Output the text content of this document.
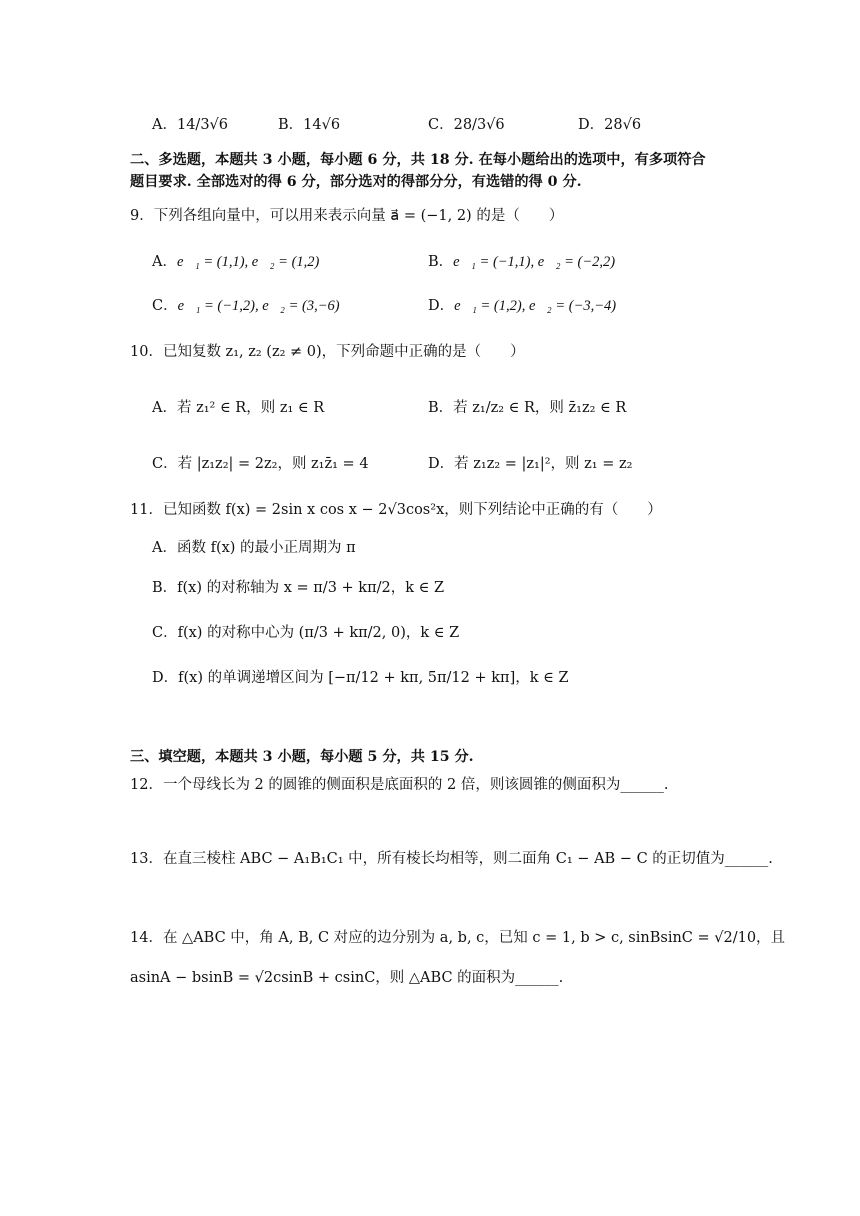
A．14/3√6	B．14√6	C．28/3√6	D．28√6
二、多选题，本题共 3 小题，每小题 6 分，共 18 分. 在每小题给出的选项中，有多项符合
题目要求. 全部选对的得 6 分，部分选对的得部分分，有选错的得 0 分.
9．下列各组向量中，可以用来表示向量 a⃗ = (−1, 2) 的是（　　）
A．e⃗₁ = (1,1), e⃗₂ = (1,2)	B．e⃗₁ = (−1,1), e⃗₂ = (−2,2)
C．e⃗₁ = (−1,2), e⃗₂ = (3,−6)	D．e⃗₁ = (1,2), e⃗₂ = (−3,−4)
10．已知复数 z₁, z₂ (z₂ ≠ 0)，下列命题中正确的是（　　）
A．若 z₁² ∈ R，则 z₁ ∈ R	B．若 z₁/z₂ ∈ R，则 z̄₁z₂ ∈ R
C．若 |z₁z₂| = 2z₂，则 z₁z̄₁ = 4	D．若 z₁z₂ = |z₁|²，则 z₁ = z₂
11．已知函数 f(x) = 2sin x cos x − 2√3cos²x，则下列结论中正确的有（　　）
A．函数 f(x) 的最小正周期为 π
B．f(x) 的对称轴为 x = π/3 + kπ/2，k ∈ Z
C．f(x) 的对称中心为 (π/3 + kπ/2, 0)，k ∈ Z
D．f(x) 的单调递增区间为 [−π/12 + kπ, 5π/12 + kπ]，k ∈ Z
三、填空题，本题共 3 小题，每小题 5 分，共 15 分.
12．一个母线长为 2 的圆锥的侧面积是底面积的 2 倍，则该圆锥的侧面积为______.
13．在直三棱柱 ABC − A₁B₁C₁ 中，所有棱长均相等，则二面角 C₁ − AB − C 的正切值为______.
14．在 △ABC 中，角 A, B, C 对应的边分别为 a, b, c，已知 c = 1, b > c, sinBsinC = √2/10，且
asinA − bsinB = √2csinB + csinC，则 △ABC 的面积为______.
